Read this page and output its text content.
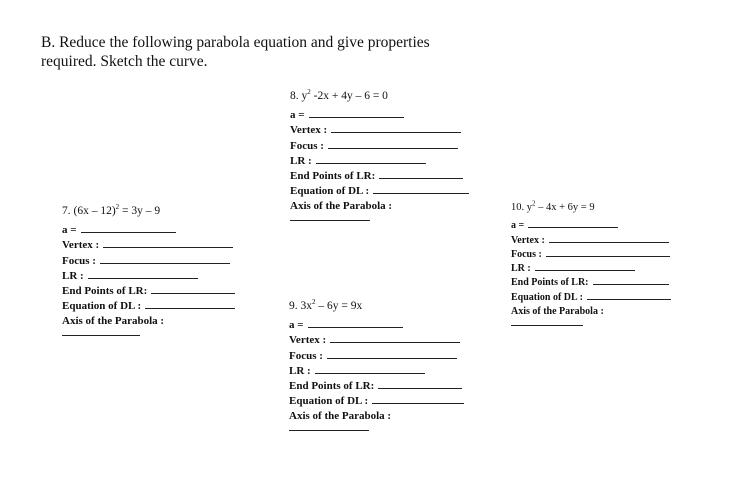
B. Reduce the following parabola equation and give properties
required. Sketch the curve.
8. $y^2$ -2x + 4y – 6 = 0
a =
Vertex :
Focus :
LR :
End Points of LR:
Equation of DL :
Axis of the Parabola :
7. (6x – 12)$^2$ = 3y – 9
a =
Vertex :
Focus :
LR :
End Points of LR:
Equation of DL :
Axis of the Parabola :
10. $y^2 - 4x + 6y = 9$
a =
Vertex :
Focus :
LR :
End Points of LR:
Equation of DL :
Axis of the Parabola :
9. $3x^2 - 6y = 9x$
a =
Vertex :
Focus :
LR :
End Points of LR:
Equation of DL :
Axis of the Parabola :
